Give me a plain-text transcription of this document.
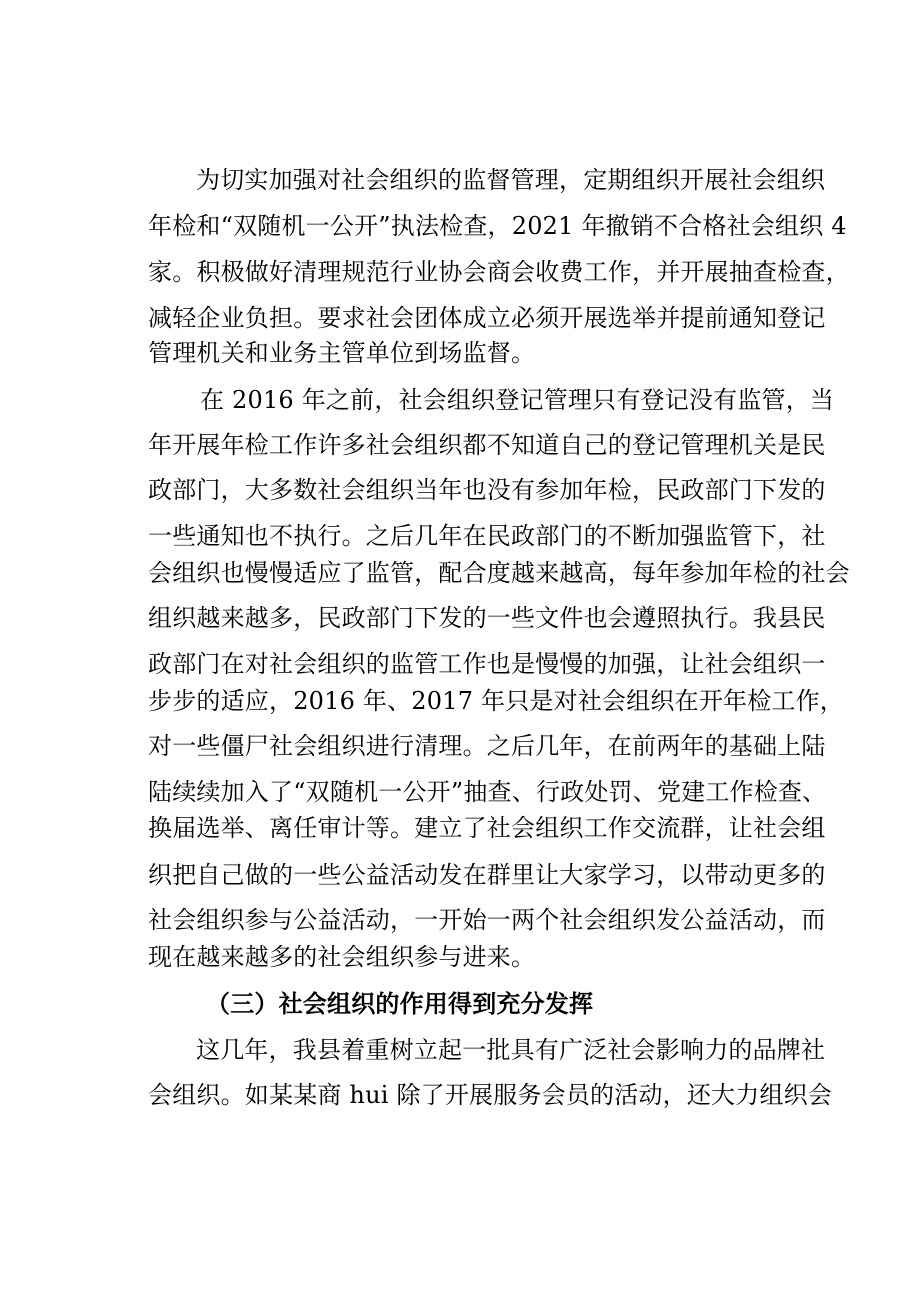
为切实加强对社会组织的监督管理，定期组织开展社会组织
年检和“双随机一公开”执法检查，2021 年撤销不合格社会组织 4
家。积极做好清理规范行业协会商会收费工作，并开展抽查检查，
减轻企业负担。要求社会团体成立必须开展选举并提前通知登记
管理机关和业务主管单位到场监督。
在 2016 年之前，社会组织登记管理只有登记没有监管，当
年开展年检工作许多社会组织都不知道自己的登记管理机关是民
政部门，大多数社会组织当年也没有参加年检，民政部门下发的
一些通知也不执行。之后几年在民政部门的不断加强监管下，社
会组织也慢慢适应了监管，配合度越来越高，每年参加年检的社会
组织越来越多，民政部门下发的一些文件也会遵照执行。我县民
政部门在对社会组织的监管工作也是慢慢的加强，让社会组织一
步步的适应，2016 年、2017 年只是对社会组织在开年检工作，
对一些僵尸社会组织进行清理。之后几年，在前两年的基础上陆
陆续续加入了“双随机一公开”抽查、行政处罚、党建工作检查、
换届选举、离任审计等。建立了社会组织工作交流群，让社会组
织把自己做的一些公益活动发在群里让大家学习，以带动更多的
社会组织参与公益活动，一开始一两个社会组织发公益活动，而
现在越来越多的社会组织参与进来。
（三）社会组织的作用得到充分发挥
这几年，我县着重树立起一批具有广泛社会影响力的品牌社
会组织。如某某商 hui 除了开展服务会员的活动，还大力组织会
